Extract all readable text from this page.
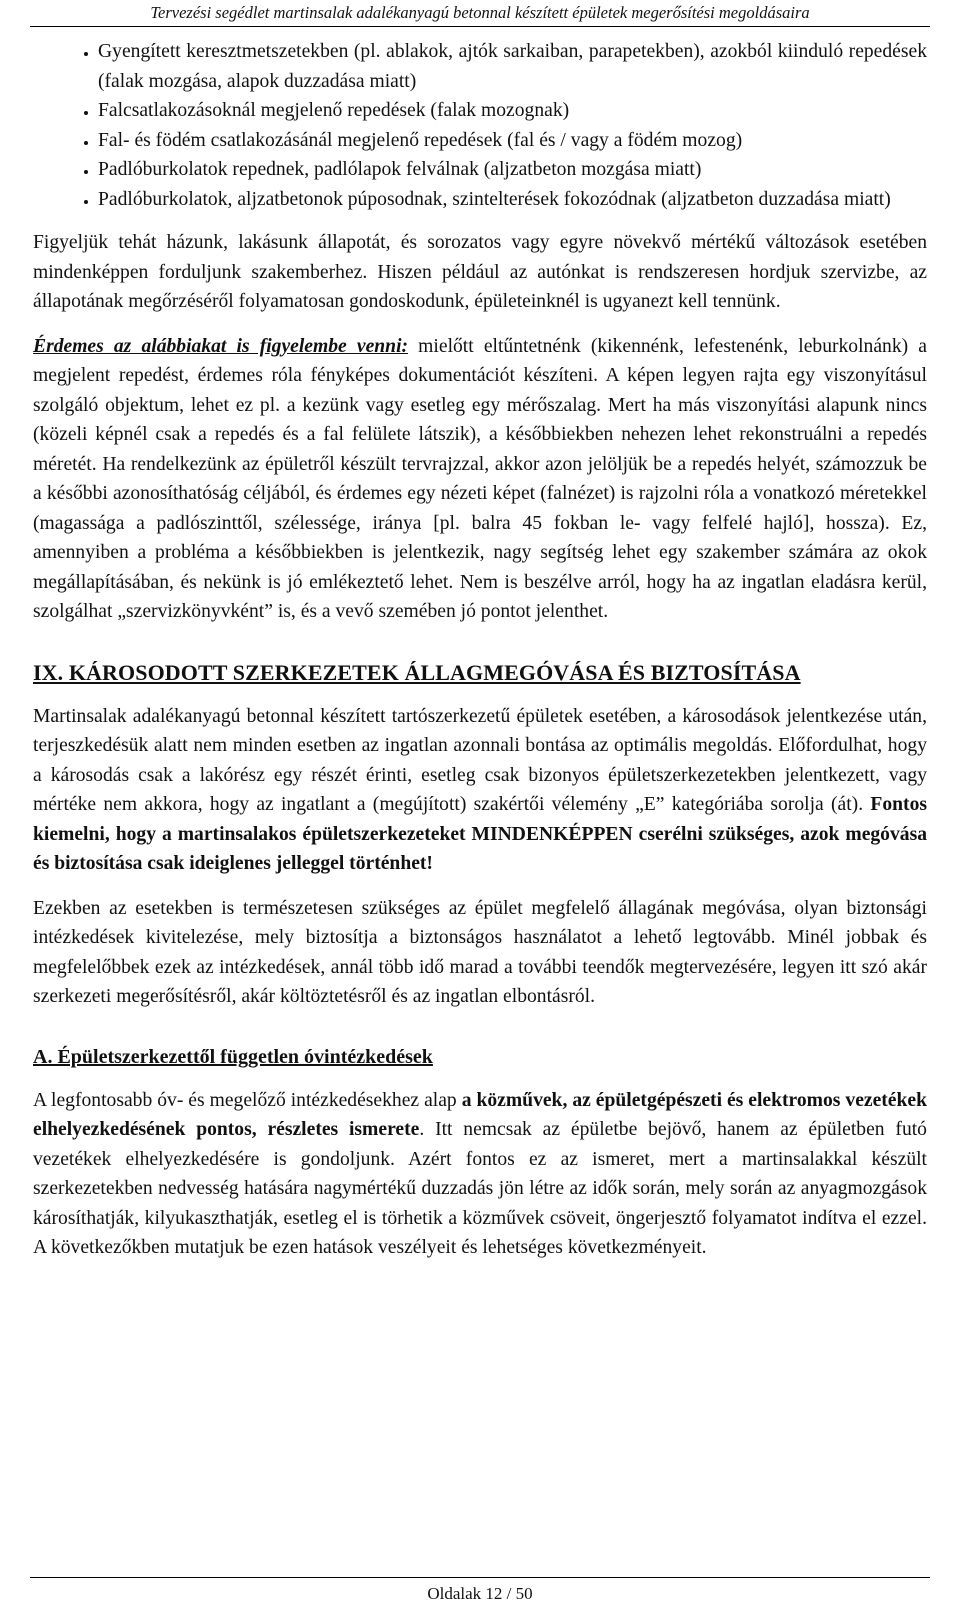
Tervezési segédlet martinsalak adalékanyagú betonnal készített épületek megerősítési megoldásaira
• Gyengített keresztmetszetekben (pl. ablakok, ajtók sarkaiban, parapetekben), azokból kiinduló repedések (falak mozgása, alapok duzzadása miatt)
• Falcsatlakozásoknál megjelenő repedések (falak mozognak)
• Fal- és födém csatlakozásánál megjelenő repedések (fal és / vagy a födém mozog)
• Padlóburkolatok repednek, padlólapok felválnak (aljzatbeton mozgása miatt)
• Padlóburkolatok, aljzatbetonok púposodnak, szintelterések fokozódnak (aljzatbeton duzzadása miatt)

Figyeljük tehát házunk, lakásunk állapotát, és sorozatos vagy egyre növekvő mértékű változások esetében mindenképpen forduljunk szakemberhez. Hiszen például az autónkat is rendszeresen hordjuk szervizbe, az állapotának megőrzéséről folyamatosan gondoskodunk, épületeinknél is ugyanezt kell tennünk.

Érdemes az alábbiakat is figyelembe venni: mielőtt eltűntetnénk (kikennénk, lefestenénk, leburkolnánk) a megjelent repedést, érdemes róla fényképes dokumentációt készíteni. A képen legyen rajta egy viszonyításul szolgáló objektum, lehet ez pl. a kezünk vagy esetleg egy mérőszalag. Mert ha más viszonyítási alapunk nincs (közeli képnél csak a repedés és a fal felülete látszik), a későbbiekben nehezen lehet rekonstruálni a repedés méretét. Ha rendelkezünk az épületről készült tervrajzzal, akkor azon jelöljük be a repedés helyét, számozzuk be a későbbi azonosíthatóság céljából, és érdemes egy nézeti képet (falnézet) is rajzolni róla a vonatkozó méretekkel (magassága a padlószinttől, szélessége, iránya [pl. balra 45 fokban le- vagy felfelé hajló], hossza). Ez, amennyiben a probléma a későbbiekben is jelentkezik, nagy segítség lehet egy szakember számára az okok megállapításában, és nekünk is jó emlékeztető lehet. Nem is beszélve arról, hogy ha az ingatlan eladásra kerül, szolgálhat „szervizkönyvként” is, és a vevő szemében jó pontot jelenthet.

IX. KÁROSODOTT SZERKEZETEK ÁLLAGMEGÓVÁSA ÉS BIZTOSÍTÁSA

Martinsalak adalékanyagú betonnal készített tartószerkezetű épületek esetében, a károsodások jelentkezése után, terjeszkedésük alatt nem minden esetben az ingatlan azonnali bontása az optimális megoldás. Előfordulhat, hogy a károsodás csak a lakórész egy részét érinti, esetleg csak bizonyos épületszerkezetekben jelentkezett, vagy mértéke nem akkora, hogy az ingatlant a (megújított) szakértői vélemény „E” kategóriába sorolja (át). Fontos kiemelni, hogy a martinsalakos épületszerkezeteket MINDENKÉPPEN cserélni szükséges, azok megóvása és biztosítása csak ideiglenes jelleggel történhet!

Ezekben az esetekben is természetesen szükséges az épület megfelelő állagának megóvása, olyan biztonsági intézkedések kivitelezése, mely biztosítja a biztonságos használatot a lehető legtovább. Minél jobbak és megfelelőbbek ezek az intézkedések, annál több idő marad a további teendők megtervezésére, legyen itt szó akár szerkezeti megerősítésről, akár költöztetésről és az ingatlan elbontásról.

A. Épületszerkezettől független óvintézkedések

A legfontosabb óv- és megelőző intézkedésekhez alap a közművek, az épületgépészeti és elektromos vezetékek elhelyezkedésének pontos, részletes ismerete. Itt nemcsak az épületbe bejövő, hanem az épületben futó vezetékek elhelyezkedésére is gondoljunk. Azért fontos ez az ismeret, mert a martinsalakkal készült szerkezetekben nedvesség hatására nagymértékű duzzadás jön létre az idők során, mely során az anyagmozgások károsíthatják, kilyukaszthatják, esetleg el is törhetik a közművek csöveit, öngerjesztő folyamatot indítva el ezzel. A következőkben mutatjuk be ezen hatások veszélyeit és lehetséges következményeit.

Oldalak 12 / 50
